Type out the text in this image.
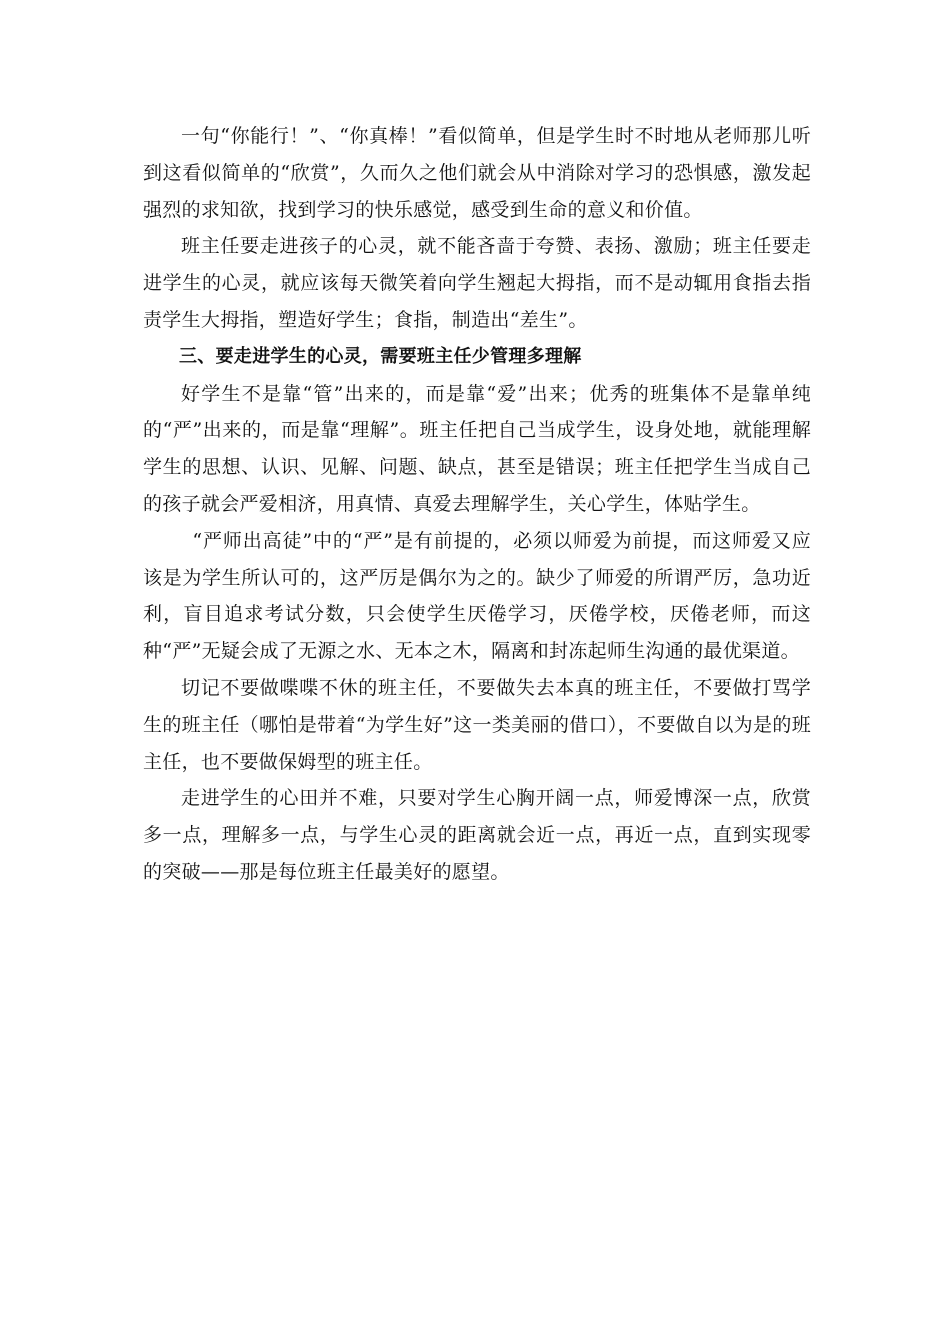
一句“你能行！”、“你真棒！”看似简单，但是学生时不时地从老师那儿听到这看似简单的“欣赏”，久而久之他们就会从中消除对学习的恐惧感，激发起强烈的求知欲，找到学习的快乐感觉，感受到生命的意义和价值。

班主任要走进孩子的心灵，就不能吝啬于夸赞、表扬、激励；班主任要走进学生的心灵，就应该每天微笑着向学生翘起大拇指，而不是动辄用食指去指责学生大拇指，塑造好学生；食指，制造出“差生”。

三、要走进学生的心灵，需要班主任少管理多理解

好学生不是靠“管”出来的，而是靠“爱”出来；优秀的班集体不是靠单纯的“严”出来的，而是靠“理解”。班主任把自己当成学生，设身处地，就能理解学生的思想、认识、见解、问题、缺点，甚至是错误；班主任把学生当成自己的孩子就会严爱相济，用真情、真爱去理解学生，关心学生，体贴学生。

“严师出高徒”中的“严”是有前提的，必须以师爱为前提，而这师爱又应该是为学生所认可的，这严厉是偶尔为之的。缺少了师爱的所谓严厉，急功近利，盲目追求考试分数，只会使学生厌倦学习，厌倦学校，厌倦老师，而这种“严”无疑会成了无源之水、无本之木，隔离和封冻起师生沟通的最优渠道。

切记不要做喋喋不休的班主任，不要做失去本真的班主任，不要做打骂学生的班主任（哪怕是带着“为学生好”这一类美丽的借口），不要做自以为是的班主任，也不要做保姆型的班主任。

走进学生的心田并不难，只要对学生心胸开阔一点，师爱博深一点，欣赏多一点，理解多一点，与学生心灵的距离就会近一点，再近一点，直到实现零的突破——那是每位班主任最美好的愿望。
